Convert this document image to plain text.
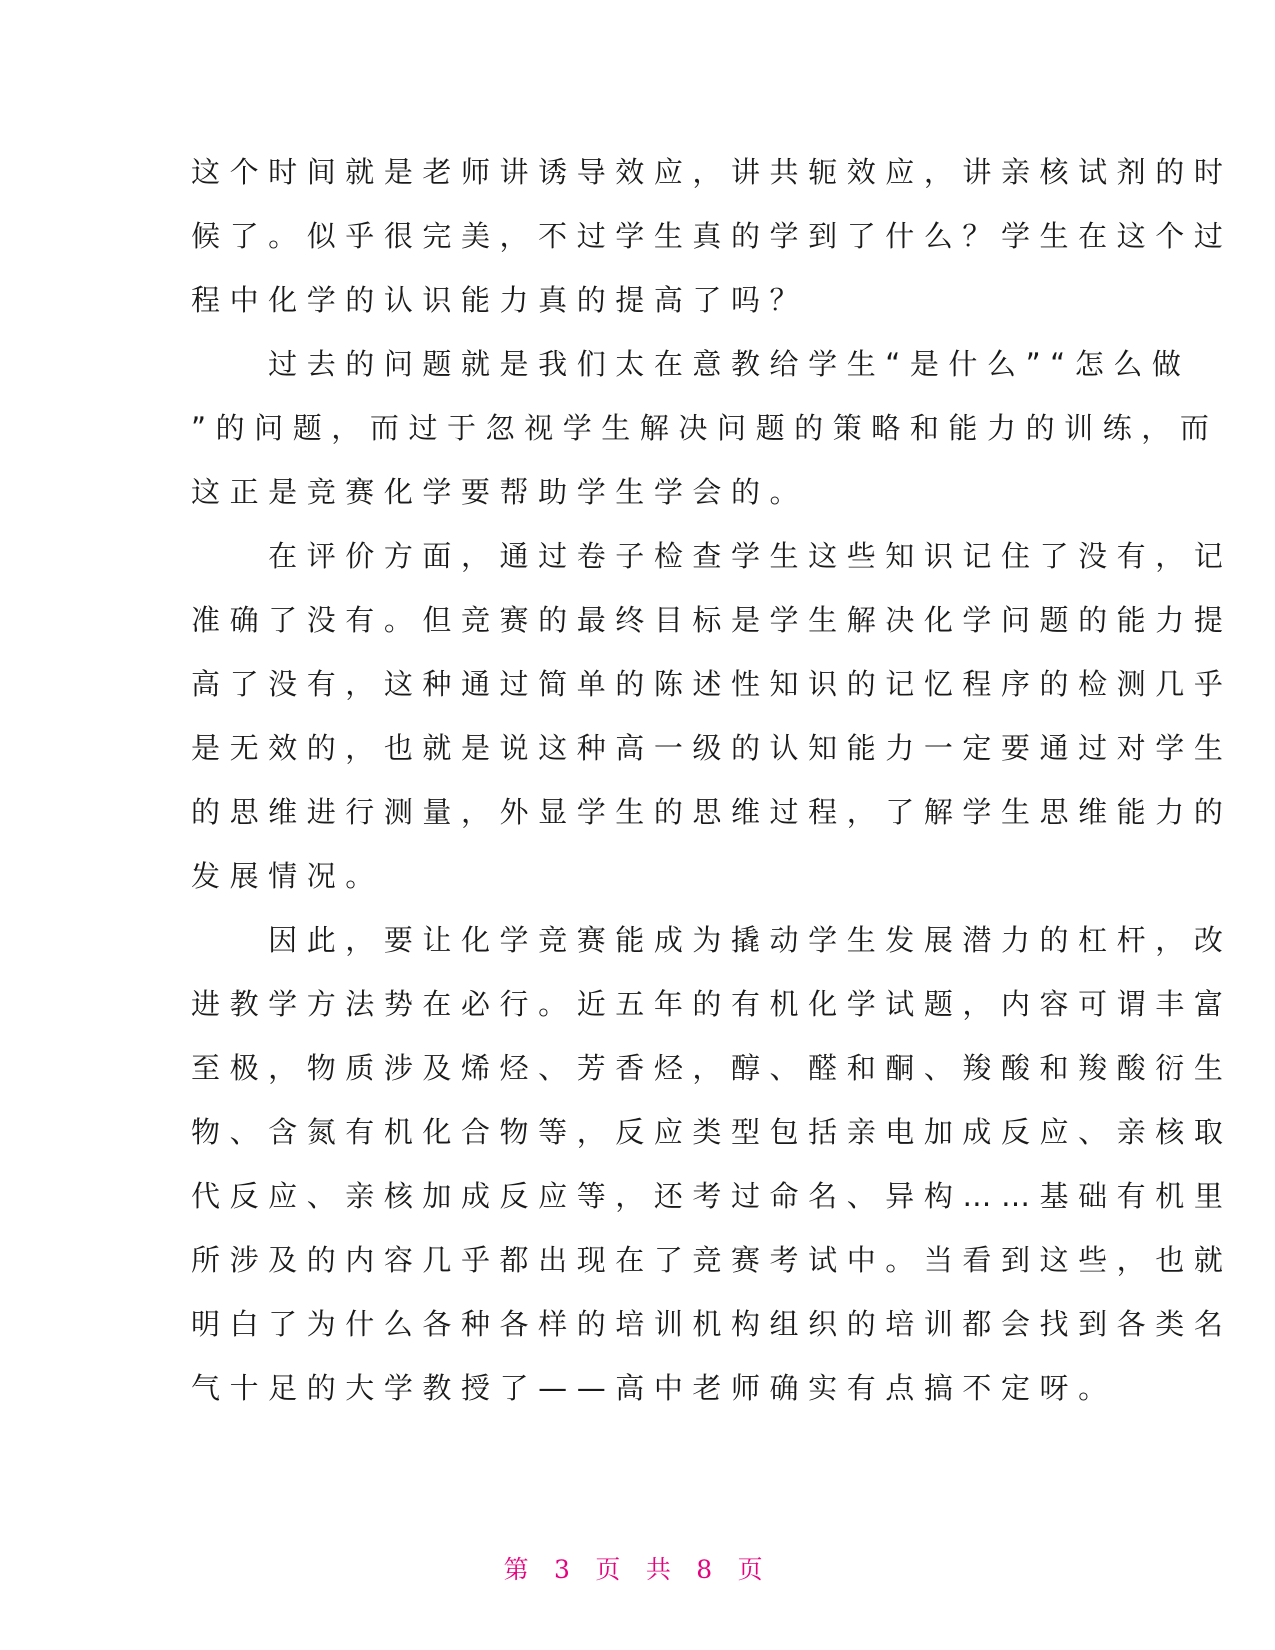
这个时间就是老师讲诱导效应，讲共轭效应，讲亲核试剂的时
候了。似乎很完美，不过学生真的学到了什么？学生在这个过
程中化学的认识能力真的提高了吗？
　　过去的问题就是我们太在意教给学生“是什么”“怎么做
”的问题，而过于忽视学生解决问题的策略和能力的训练，而
这正是竞赛化学要帮助学生学会的。
　　在评价方面，通过卷子检查学生这些知识记住了没有，记
准确了没有。但竞赛的最终目标是学生解决化学问题的能力提
高了没有，这种通过简单的陈述性知识的记忆程序的检测几乎
是无效的，也就是说这种高一级的认知能力一定要通过对学生
的思维进行测量，外显学生的思维过程，了解学生思维能力的
发展情况。
　　因此，要让化学竞赛能成为撬动学生发展潜力的杠杆，改
进教学方法势在必行。近五年的有机化学试题，内容可谓丰富
至极，物质涉及烯烃、芳香烃，醇、醛和酮、羧酸和羧酸衍生
物、含氮有机化合物等，反应类型包括亲电加成反应、亲核取
代反应、亲核加成反应等，还考过命名、异构……基础有机里
所涉及的内容几乎都出现在了竞赛考试中。当看到这些，也就
明白了为什么各种各样的培训机构组织的培训都会找到各类名
气十足的大学教授了——高中老师确实有点搞不定呀。
第 3 页 共 8 页
